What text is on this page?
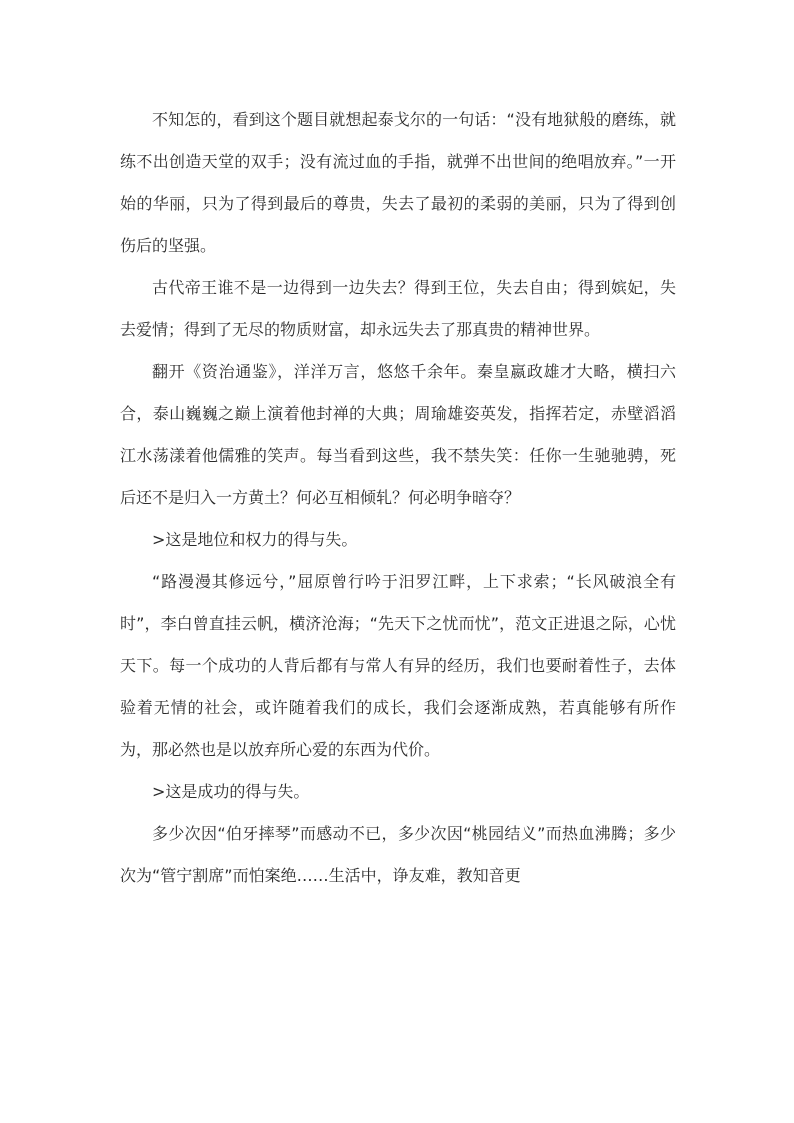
不知怎的，看到这个题目就想起泰戈尔的一句话：“没有地狱般的磨练，就练不出创造天堂的双手；没有流过血的手指，就弹不出世间的绝唱放弃。”一开始的华丽，只为了得到最后的尊贵，失去了最初的柔弱的美丽，只为了得到创伤后的坚强。

古代帝王谁不是一边得到一边失去？得到王位，失去自由；得到嫔妃，失去爱情；得到了无尽的物质财富，却永远失去了那真贵的精神世界。

翻开《资治通鉴》，洋洋万言，悠悠千余年。秦皇嬴政雄才大略，横扫六合，泰山巍巍之巅上演着他封禅的大典；周瑜雄姿英发，指挥若定，赤壁滔滔江水荡漾着他儒雅的笑声。每当看到这些，我不禁失笑：任你一生驰驰骋，死后还不是归入一方黄土？何必互相倾轧？何必明争暗夺？

>这是地位和权力的得与失。

“路漫漫其修远兮，”屈原曾行吟于汨罗江畔，上下求索；“长风破浪全有时”，李白曾直挂云帆，横济沧海；“先天下之忧而忧”，范文正进退之际，心忧天下。每一个成功的人背后都有与常人有异的经历，我们也要耐着性子，去体验着无情的社会，或许随着我们的成长，我们会逐渐成熟，若真能够有所作为，那必然也是以放弃所心爱的东西为代价。

>这是成功的得与失。

多少次因“伯牙摔琴”而感动不已，多少次因“桃园结义”而热血沸腾；多少次为“管宁割席”而怕案绝……生活中，诤友难，教知音更
